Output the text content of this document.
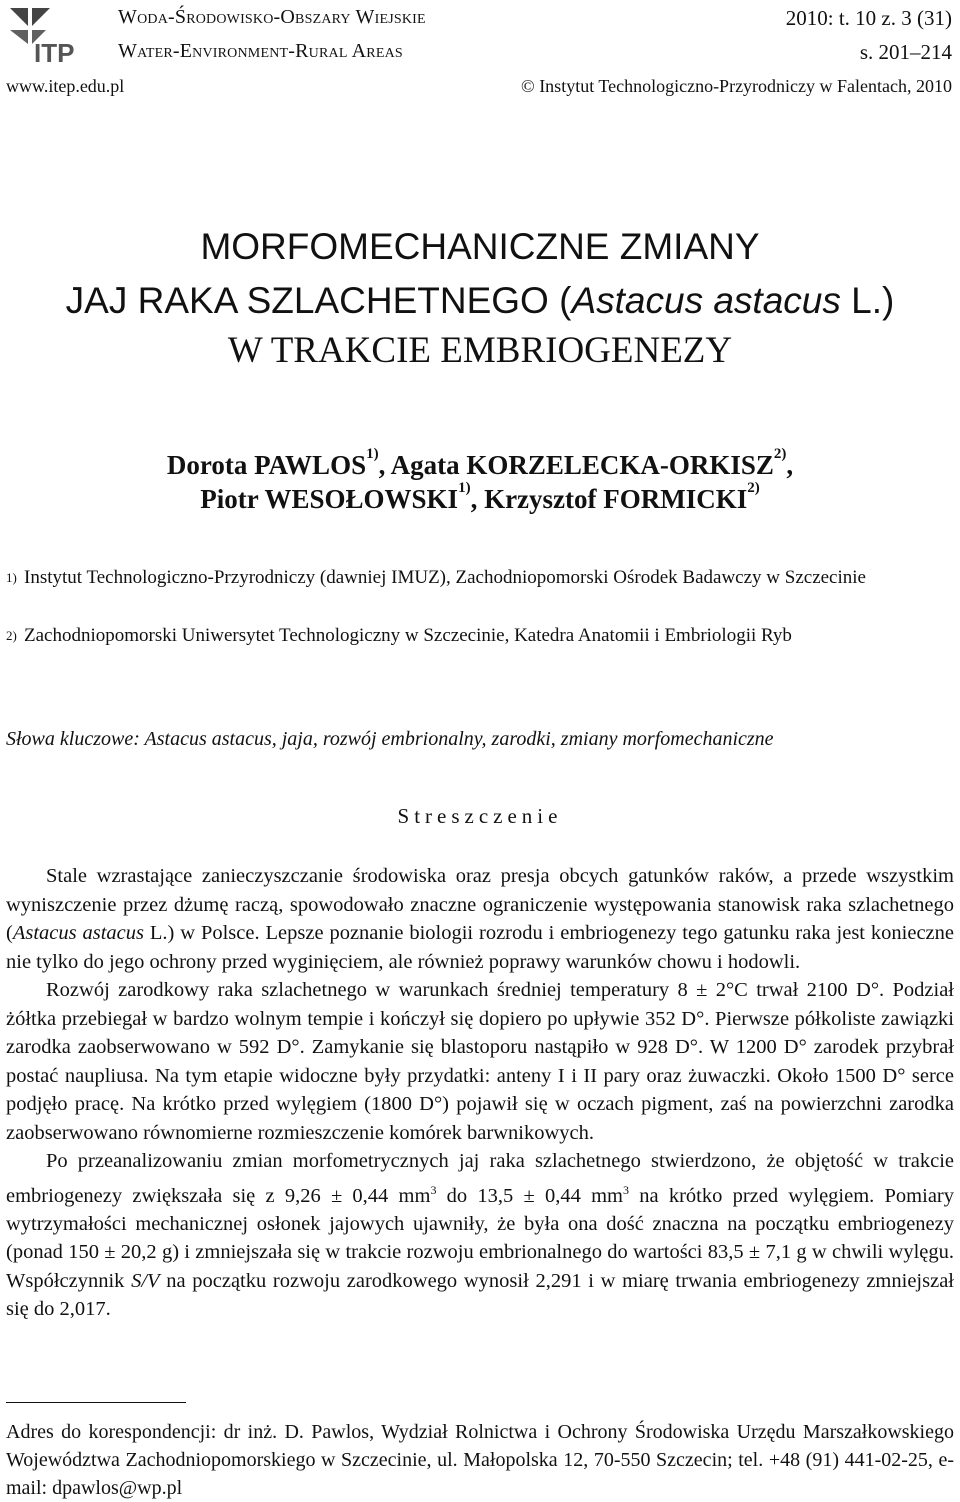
ITP
Woda-Środowisko-Obszary Wiejskie
Water-Environment-Rural Areas
2010: t. 10 z. 3 (31)
s. 201–214
www.itep.edu.pl	© Instytut Technologiczno-Przyrodniczy w Falentach, 2010
MORFOMECHANICZNE ZMIANY
JAJ RAKA SZLACHETNEGO (Astacus astacus L.)
W TRAKCIE EMBRIOGENEZY
Dorota PAWLOS$^{1)}$, Agata KORZELECKA-ORKISZ$^{2)}$,
Piotr WESOŁOWSKI$^{1)}$, Krzysztof FORMICKI$^{2)}$
1) Instytut Technologiczno-Przyrodniczy (dawniej IMUZ), Zachodniopomorski Ośrodek Badawczy w Szczecinie
2) Zachodniopomorski Uniwersytet Technologiczny w Szczecinie, Katedra Anatomii i Embriologii Ryb
Słowa kluczowe: Astacus astacus, jaja, rozwój embrionalny, zarodki, zmiany morfomechaniczne
Streszczenie

Stale wzrastające zanieczyszczanie środowiska oraz presja obcych gatunków raków, a przede wszystkim wyniszczenie przez dżumę raczą, spowodowało znaczne ograniczenie występowania stanowisk raka szlachetnego (Astacus astacus L.) w Polsce. Lepsze poznanie biologii rozrodu i embriogenezy tego gatunku raka jest konieczne nie tylko do jego ochrony przed wyginięciem, ale również poprawy warunków chowu i hodowli.

Rozwój zarodkowy raka szlachetnego w warunkach średniej temperatury 8 ± 2°C trwał 2100 D°. Podział żółtka przebiegał w bardzo wolnym tempie i kończył się dopiero po upływie 352 D°. Pierwsze półkoliste zawiązki zarodka zaobserwowano w 592 D°. Zamykanie się blastoporu nastąpiło w 928 D°. W 1200 D° zarodek przybrał postać naupliusa. Na tym etapie widoczne były przydatki: anteny I i II pary oraz żuwaczki. Około 1500 D° serce podjęło pracę. Na krótko przed wylęgiem (1800 D°) pojawił się w oczach pigment, zaś na powierzchni zarodka zaobserwowano równomierne rozmieszczenie komórek barwnikowych.

Po przeanalizowaniu zmian morfometrycznych jaj raka szlachetnego stwierdzono, że objętość w trakcie embriogenezy zwiększała się z 9,26 ± 0,44 $mm^3$ do 13,5 ± 0,44 $mm^3$ na krótko przed wylęgiem. Pomiary wytrzymałości mechanicznej osłonek jajowych ujawniły, że była ona dość znaczna na początku embriogenezy (ponad 150 ± 20,2 g) i zmniejszała się w trakcie rozwoju embrionalnego do wartości 83,5 ± 7,1 g w chwili wylęgu. Współczynnik S/V na początku rozwoju zarodkowego wynosił 2,291 i w miarę trwania embriogenezy zmniejszał się do 2,017.

Adres do korespondencji: dr inż. D. Pawlos, Wydział Rolnictwa i Ochrony Środowiska Urzędu Marszałkowskiego Województwa Zachodniopomorskiego w Szczecinie, ul. Małopolska 12, 70-550 Szczecin; tel. +48 (91) 441-02-25, e-mail: dpawlos@wp.pl
